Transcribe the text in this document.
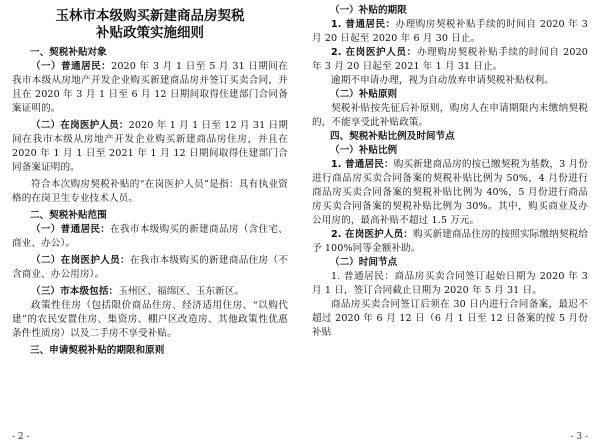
玉林市本级购买新建商品房契税
补贴政策实施细则

一、契税补贴对象

（一）普通居民：2020 年 3 月 1 日至 5 月 31 日期间在我市本级从房地产开发企业购买新建商品房并签订买卖合同，并且在 2020 年 3 月 1 日至 6 月 12 日期间取得住建部门合同备案证明的。

（二）在岗医护人员：2020 年 1 月 1 日至 12 月 31 日期间在我市本级从房地产开发企业购买新建商品房住房，并且在 2020 年 1 月 1 日至 2021 年 1 月 12 日期间取得住建部门合同备案证明的。

符合本次购房契税补贴的“在岗医护人员”是指：具有执业资格的在岗卫生专业技术人员。

二、契税补贴范围

（一）普通居民：在我市本级购买的新建商品房（含住宅、商业、办公）。

（二）在岗医护人员：在我市本级购买的新建商品住房（不含商业、办公用房）。

（三）市本级包括：玉州区、福绵区、玉东新区。

政策性住房（包括限价商品住房、经济适用住房、“以购代建”的农民安置住房、集资房、棚户区改造房、其他政策性优惠条件性质房）以及二手房不享受补贴。

三、申请契税补贴的期限和原则

- 2 -

（一）补贴的期限

1. 普通居民：办理购房契税补贴手续的时间自 2020 年 3 月 20 日起至 2020 年 6 月 30 日止。

2. 在岗医护人员：办理购房契税补贴手续的时间自 2020 年 3 月 20 日起至 2021 年 1 月 31 日止。

逾期不申请办理，视为自动放弃申请契税补贴权利。

（二）补贴原则

契税补贴按先征后补原则，购房人在申请期限内未缴纳契税的，不能享受此补贴政策。

四、契税补贴比例及时间节点

（一）补贴比例

1. 普通居民：购买新建商品房的按已缴契税为基数，3 月份进行商品房买卖合同备案的契税补贴比例为 50%，4 月份进行商品房买卖合同备案的契税补贴比例为 40%，5 月份进行商品房买卖合同备案的契税补贴比例为 30%。其中，购买商业及办公用房的，最高补贴不超过 1.5 万元。

2. 在岗医护人员：购买新建商品住房的按照实际缴纳契税给予 100%同等金额补助。

（二）时间节点

1. 普通居民：商品房买卖合同签订起始日期为 2020 年 3 月 1 日，签订合同截止日期为 2020 年 5 月 31 日。

商品房买卖合同签订后须在 30 日内进行合同备案，最迟不超过 2020 年 6 月 12 日（6 月 1 日至 12 日备案的按 5 月份补贴

- 3 -
